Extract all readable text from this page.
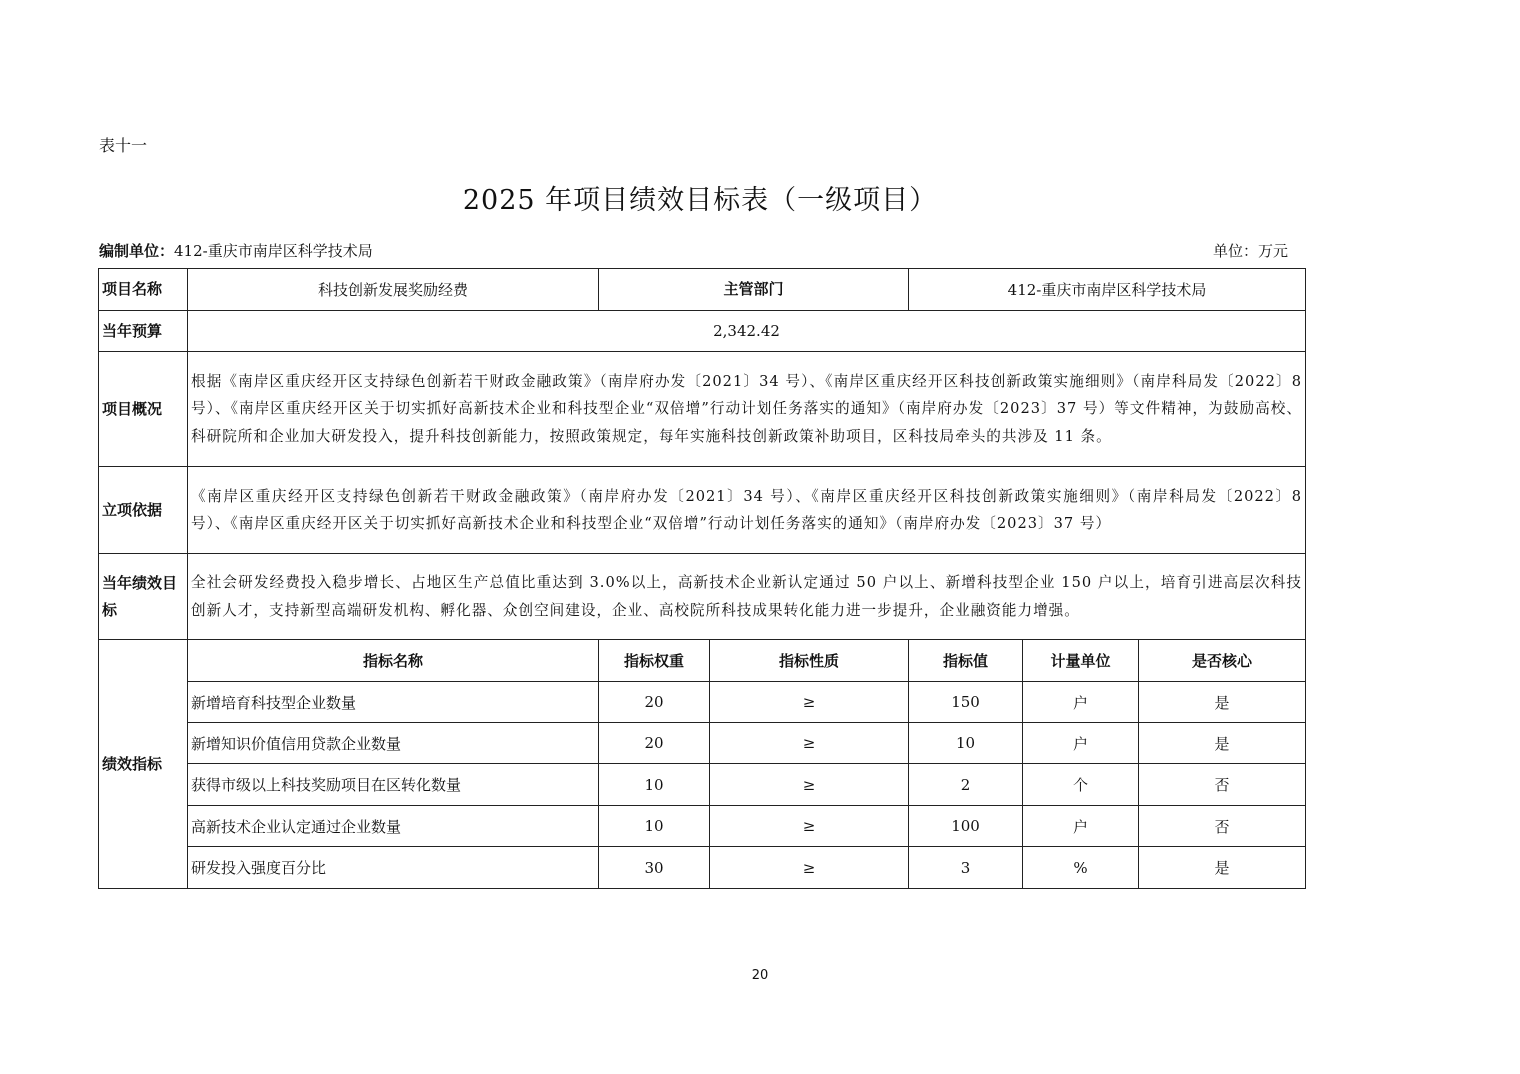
表十一
2025 年项目绩效目标表（一级项目）
编制单位：412-重庆市南岸区科学技术局	单位：万元
项目名称	科技创新发展奖励经费	主管部门		412-重庆市南岸区科学技术局		
当年预算	2,342.42					
项目概况	根据《南岸区重庆经开区支持绿色创新若干财政金融政策》（南岸府办发〔2021〕34 号）、《南岸区重庆经开区科技创新政策实施细则》（南岸科局发〔2022〕8 号）、《南岸区重庆经开区关于切实抓好高新技术企业和科技型企业“双倍增”行动计划任务落实的通知》（南岸府办发〔2023〕37 号）等文件精神，为鼓励高校、科研院所和企业加大研发投入，提升科技创新能力，按照政策规定，每年实施科技创新政策补助项目，区科技局牵头的共涉及 11 条。					
立项依据	《南岸区重庆经开区支持绿色创新若干财政金融政策》（南岸府办发〔2021〕34 号）、《南岸区重庆经开区科技创新政策实施细则》（南岸科局发〔2022〕8 号）、《南岸区重庆经开区关于切实抓好高新技术企业和科技型企业“双倍增”行动计划任务落实的通知》（南岸府办发〔2023〕37 号）					
当年绩效目标	全社会研发经费投入稳步增长、占地区生产总值比重达到 3.0%以上，高新技术企业新认定通过 50 户以上、新增科技型企业 150 户以上，培育引进高层次科技创新人才，支持新型高端研发机构、孵化器、众创空间建设，企业、高校院所科技成果转化能力进一步提升，企业融资能力增强。					
绩效指标	指标名称	指标权重	指标性质	指标值	计量单位	是否核心
	新增培育科技型企业数量	20	≥	150	户	是
	新增知识价值信用贷款企业数量	20	≥	10	户	是
	获得市级以上科技奖励项目在区转化数量	10	≥	2	个	否
	高新技术企业认定通过企业数量	10	≥	100	户	否
	研发投入强度百分比	30	≥	3	%	是
20
